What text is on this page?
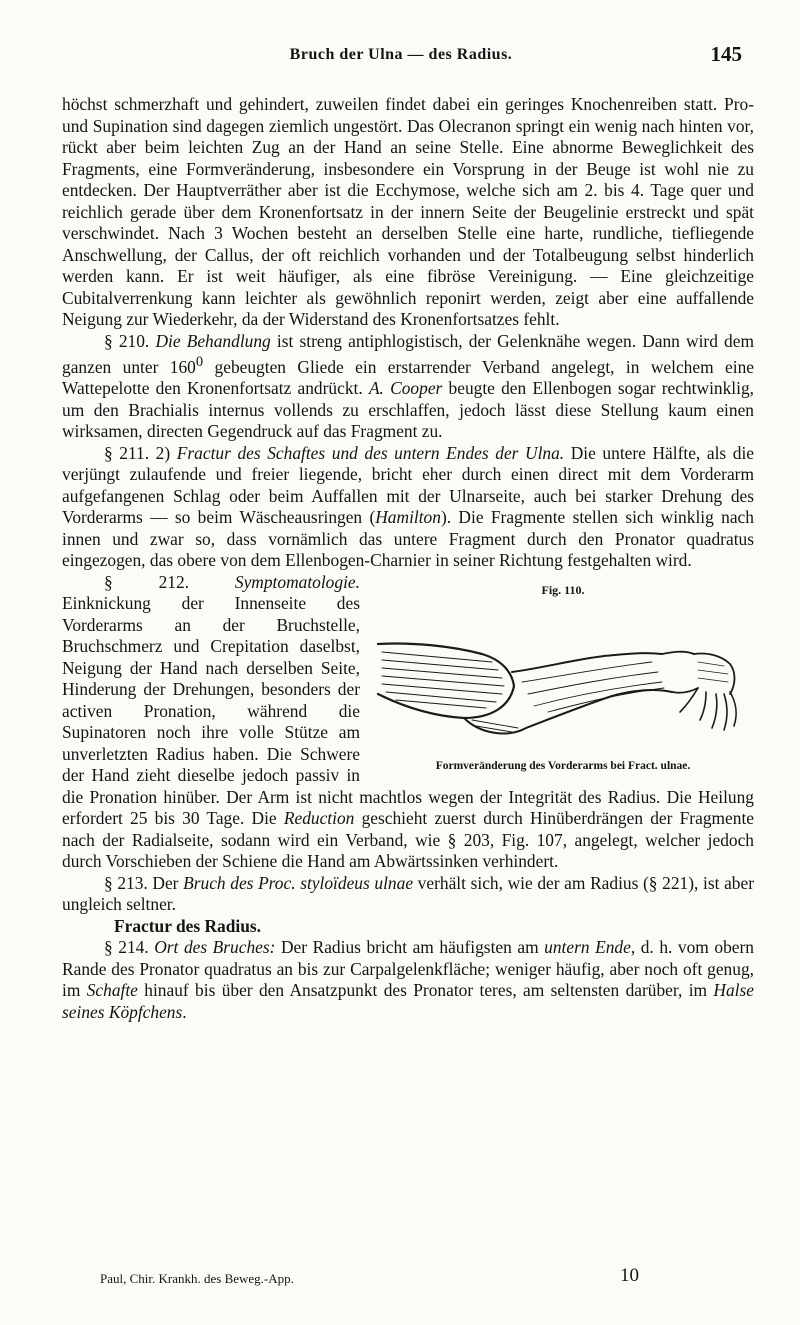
Bruch der Ulna — des Radius.	145

höchst schmerzhaft und gehindert, zuweilen findet dabei ein geringes Knochenreiben statt. Pro- und Supination sind dagegen ziemlich ungestört. Das Olecranon springt ein wenig nach hinten vor, rückt aber beim leichten Zug an der Hand an seine Stelle. Eine abnorme Beweglichkeit des Fragments, eine Formveränderung, insbesondere ein Vorsprung in der Beuge ist wohl nie zu entdecken. Der Hauptverräther aber ist die Ecchymose, welche sich am 2. bis 4. Tage quer und reichlich gerade über dem Kronenfortsatz in der innern Seite der Beugelinie erstreckt und spät verschwindet. Nach 3 Wochen besteht an derselben Stelle eine harte, rundliche, tiefliegende Anschwellung, der Callus, der oft reichlich vorhanden und der Totalbeugung selbst hinderlich werden kann. Er ist weit häufiger, als eine fibröse Vereinigung. — Eine gleichzeitige Cubitalverrenkung kann leichter als gewöhnlich reponirt werden, zeigt aber eine auffallende Neigung zur Wiederkehr, da der Widerstand des Kronenfortsatzes fehlt.

§ 210. Die Behandlung ist streng antiphlogistisch, der Gelenknähe wegen. Dann wird dem ganzen unter $160^0$ gebeugten Gliede ein erstarrender Verband angelegt, in welchem eine Wattepelotte den Kronenfortsatz andrückt. A. Cooper beugte den Ellenbogen sogar rechtwinklig, um den Brachialis internus vollends zu erschlaffen, jedoch lässt diese Stellung kaum einen wirksamen, directen Gegendruck auf das Fragment zu.

§ 211. 2) Fractur des Schaftes und des untern Endes der Ulna. Die untere Hälfte, als die verjüngt zulaufende und freier liegende, bricht eher durch einen direct mit dem Vorderarm aufgefangenen Schlag oder beim Auffallen mit der Ulnarseite, auch bei starker Drehung des Vorderarms — so beim Wäscheausringen (Hamilton). Die Fragmente stellen sich winklig nach innen und zwar so, dass vornämlich das untere Fragment durch den Pronator quadratus eingezogen, das obere von dem Ellenbogen-Charnier in seiner Richtung festgehalten wird.

§ 212.	Symptomatologie.	Fig. 110.
Formveränderung des Vorderarms bei Fract. ulnae.
Einknickung der Innenseite des Vorderarms an der Bruchstelle, Bruchschmerz und Crepitation daselbst, Neigung der Hand nach derselben Seite, Hinderung der Drehungen, besonders der activen Pronation, während die Supinatoren noch ihre volle Stütze am unverletzten Radius haben. Die Schwere der Hand zieht dieselbe jedoch passiv in die Pronation hinüber. Der Arm ist nicht machtlos wegen der Integrität des Radius. Die Heilung erfordert 25 bis 30 Tage. Die Reduction geschieht zuerst durch Hinüberdrängen der Fragmente nach der Radialseite, sodann wird ein Verband, wie § 203, Fig. 107, angelegt, welcher jedoch durch Vorschieben der Schiene die Hand am Abwärtssinken verhindert.

§ 213. Der Bruch des Proc. styloïdeus ulnae verhält sich, wie der am Radius (§ 221), ist aber ungleich seltner.

Fractur des Radius.

§ 214. Ort des Bruches: Der Radius bricht am häufigsten am untern Ende, d. h. vom obern Rande des Pronator quadratus an bis zur Carpalgelenkfläche; weniger häufig, aber noch oft genug, im Schafte hinauf bis über den Ansatzpunkt des Pronator teres, am seltensten darüber, im Halse seines Köpfchens.

Paul, Chir. Krankh. des Beweg.-App.	10
